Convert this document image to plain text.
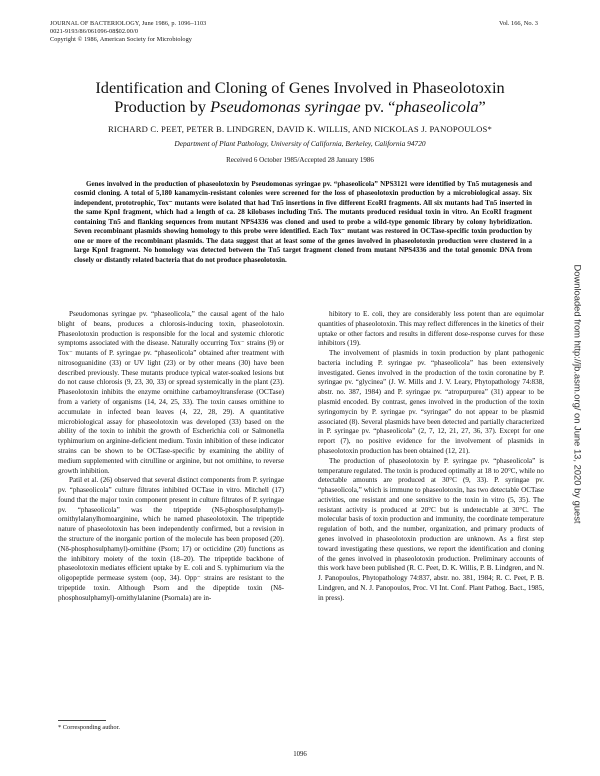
JOURNAL OF BACTERIOLOGY, June 1986, p. 1096–1103
0021-9193/86/061096-08$02.00/0
Copyright © 1986, American Society for Microbiology
Vol. 166, No. 3
Identification and Cloning of Genes Involved in Phaseolotoxin
Production by Pseudomonas syringae pv. “phaseolicola”
RICHARD C. PEET, PETER B. LINDGREN, DAVID K. WILLIS, AND NICKOLAS J. PANOPOULOS*
Department of Plant Pathology, University of California, Berkeley, California 94720
Received 6 October 1985/Accepted 28 January 1986

Genes involved in the production of phaseolotoxin by Pseudomonas syringae pv. “phaseolicola” NPS3121 were identified by Tn5 mutagenesis and cosmid cloning. A total of 5,180 kanamycin-resistant colonies were screened for the loss of phaseolotoxin production by a microbiological assay. Six independent, prototrophic, Tox⁻ mutants were isolated that had Tn5 insertions in five different EcoRI fragments. All six mutants had Tn5 inserted in the same KpnI fragment, which had a length of ca. 28 kilobases including Tn5. The mutants produced residual toxin in vitro. An EcoRI fragment containing Tn5 and flanking sequences from mutant NPS4336 was cloned and used to probe a wild-type genomic library by colony hybridization. Seven recombinant plasmids showing homology to this probe were identified. Each Tox⁻ mutant was restored in OCTase-specific toxin production by one or more of the recombinant plasmids. The data suggest that at least some of the genes involved in phaseolotoxin production were clustered in a large KpnI fragment. No homology was detected between the Tn5 target fragment cloned from mutant NPS4336 and the total genomic DNA from closely or distantly related bacteria that do not produce phaseolotoxin.

Pseudomonas syringae pv. “phaseolicola,” the causal agent of the halo blight of beans, produces a chlorosis-inducing toxin, phaseolotoxin. Phaseolotoxin production is responsible for the local and systemic chlorotic symptoms associated with the disease. Naturally occurring Tox⁻ strains (9) or Tox⁻ mutants of P. syringae pv. “phaseolicola” obtained after treatment with nitrosoguanidine (33) or UV light (23) or by other means (30) have been described previously. These mutants produce typical water-soaked lesions but do not cause chlorosis (9, 23, 30, 33) or spread systemically in the plant (23). Phaseolotoxin inhibits the enzyme ornithine carbamoyltransferase (OCTase) from a variety of organisms (14, 24, 25, 33). The toxin causes ornithine to accumulate in infected bean leaves (4, 22, 28, 29). A quantitative microbiological assay for phaseolotoxin was developed (33) based on the ability of the toxin to inhibit the growth of Escherichia coli or Salmonella typhimurium on arginine-deficient medium. Toxin inhibition of these indicator strains can be shown to be OCTase-specific by examining the ability of medium supplemented with citrulline or arginine, but not ornithine, to reverse growth inhibition.

Patil et al. (26) observed that several distinct components from P. syringae pv. “phaseolicola” culture filtrates inhibited OCTase in vitro. Mitchell (17) found that the major toxin component present in culture filtrates of P. syringae pv. “phaseolicola” was the tripeptide (Nδ-phosphosulphamyl)-ornithylalanylhomoarginine, which he named phaseolotoxin. The tripeptide nature of phaseolotoxin has been independently confirmed, but a revision in the structure of the inorganic portion of the molecule has been proposed (20). (Nδ-phosphosulphamyl)-ornithine (Psorn; 17) or octicidine (20) functions as the inhibitory moiety of the toxin (18–20). The tripeptide backbone of phaseolotoxin mediates efficient uptake by E. coli and S. typhimurium via the oligopeptide permease system (oop, 34). Opp⁻ strains are resistant to the tripeptide toxin. Although Psorn and the dipeptide toxin (Nδ-phosphosulphamyl)-ornithylalanine (Psornala) are in-

hibitory to E. coli, they are considerably less potent than are equimolar quantities of phaseolotoxin. This may reflect differences in the kinetics of their uptake or other factors and results in different dose-response curves for these inhibitors (19).

The involvement of plasmids in toxin production by plant pathogenic bacteria including P. syringae pv. “phaseolicola” has been extensively investigated. Genes involved in the production of the toxin coronatine by P. syringae pv. “glycinea” (J. W. Mills and J. V. Leary, Phytopathology 74:838, abstr. no. 387, 1984) and P. syringae pv. “atropurpurea” (31) appear to be plasmid encoded. By contrast, genes involved in the production of the toxin syringomycin by P. syringae pv. “syringae” do not appear to be plasmid associated (8). Several plasmids have been detected and partially characterized in P. syringae pv. “phaseolicola” (2, 7, 12, 21, 27, 36, 37). Except for one report (7), no positive evidence for the involvement of plasmids in phaseolotoxin production has been obtained (12, 21).

The production of phaseolotoxin by P. syringae pv. “phaseolicola” is temperature regulated. The toxin is produced optimally at 18 to 20°C, while no detectable amounts are produced at 30°C (9, 33). P. syringae pv. “phaseolicola,” which is immune to phaseolotoxin, has two detectable OCTase activities, one resistant and one sensitive to the toxin in vitro (5, 35). The resistant activity is produced at 20°C but is undetectable at 30°C. The molecular basis of toxin production and immunity, the coordinate temperature regulation of both, and the number, organization, and primary products of genes involved in phaseolotoxin production are unknown. As a first step toward investigating these questions, we report the identification and cloning of the genes involved in phaseolotoxin production. Preliminary accounts of this work have been published (R. C. Peet, D. K. Willis, P. B. Lindgren, and N. J. Panopoulos, Phytopathology 74:837, abstr. no. 381, 1984; R. C. Peet, P. B. Lindgren, and N. J. Panopoulos, Proc. VI Int. Conf. Plant Pathog. Bact., 1985, in press).

* Corresponding author.
1096
Downloaded from http://jb.asm.org/ on June 13, 2020 by guest
